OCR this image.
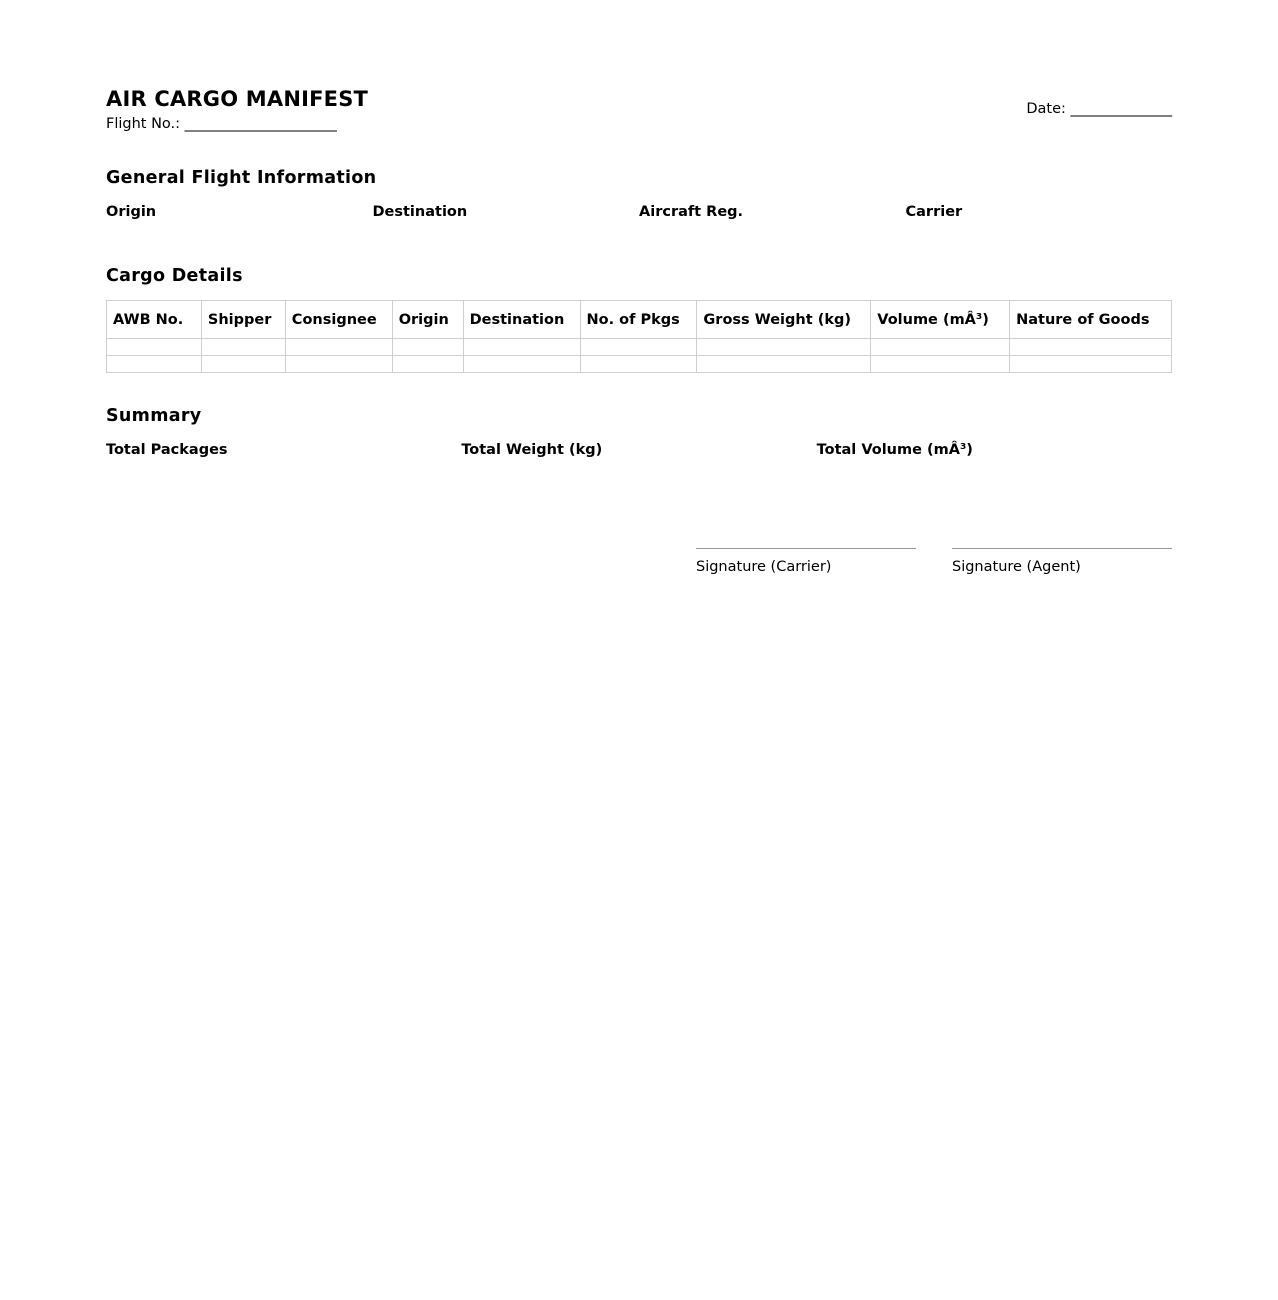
AIR CARGO MANIFEST
Flight No.: _____________________
Date: ______________
General Flight Information
Origin	Destination	Aircraft Reg.	Carrier
Cargo Details
AWB No.	Shipper	Consignee	Origin	Destination	No. of Pkgs	Gross Weight (kg)	Volume (mÂ³)	Nature of Goods

Summary
Total Packages	Total Weight (kg)	Total Volume (mÂ³)
Signature (Carrier)	Signature (Agent)
